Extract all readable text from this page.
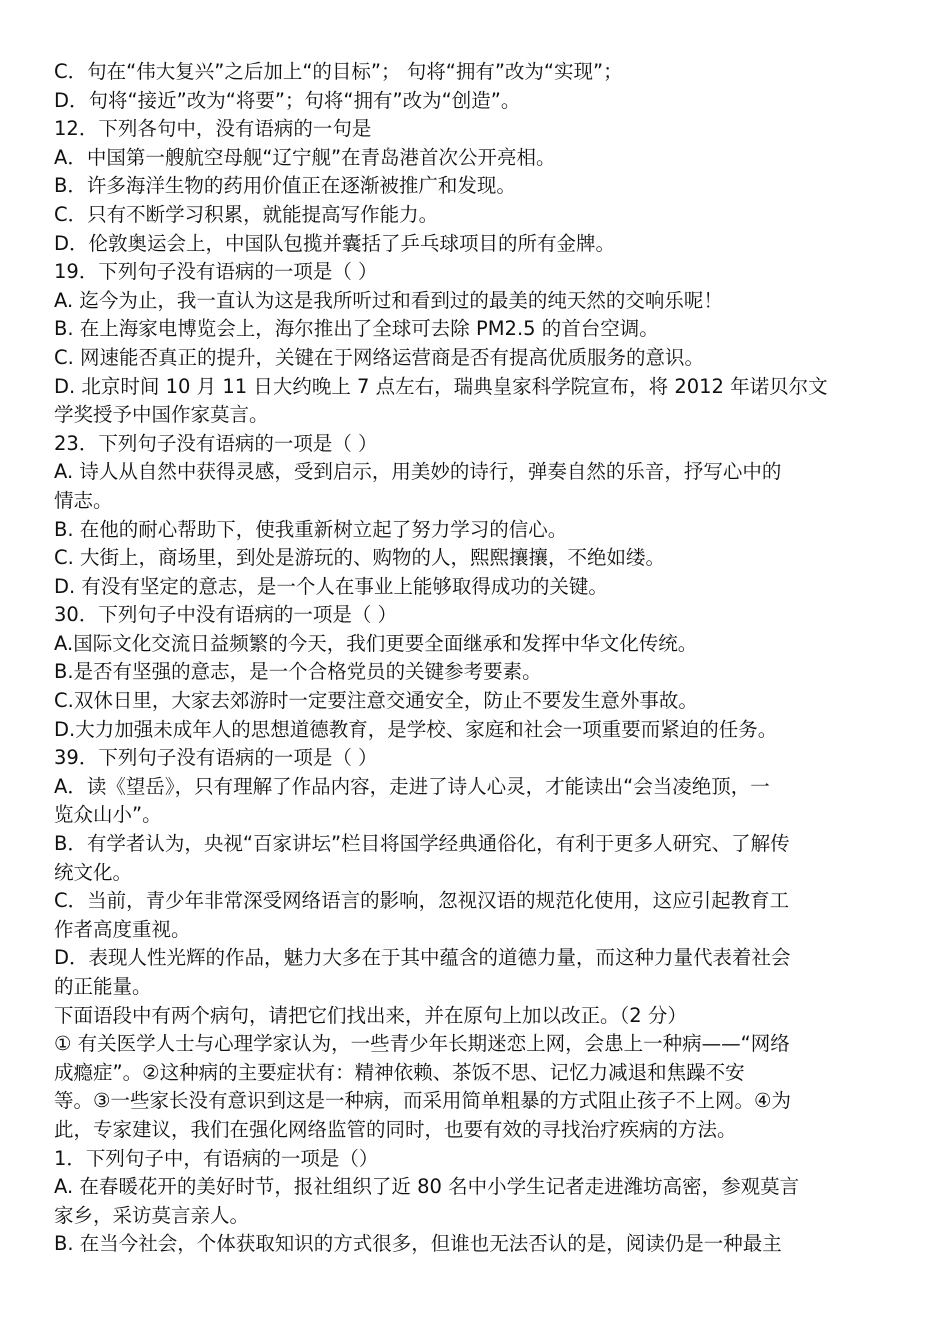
C．句在“伟大复兴”之后加上“的目标”； 句将“拥有”改为“实现”；
D．句将“接近”改为“将要”；句将“拥有”改为“创造”。
12．下列各句中，没有语病的一句是
A．中国第一艘航空母舰“辽宁舰”在青岛港首次公开亮相。
B．许多海洋生物的药用价值正在逐渐被推广和发现。
C．只有不断学习积累，就能提高写作能力。
D．伦敦奥运会上，中国队包揽并囊括了乒乓球项目的所有金牌。
19．下列句子没有语病的一项是（ ）
A. 迄今为止，我一直认为这是我所听过和看到过的最美的纯天然的交响乐呢！
B. 在上海家电博览会上，海尔推出了全球可去除 PM2.5 的首台空调。
C. 网速能否真正的提升，关键在于网络运营商是否有提高优质服务的意识。
D. 北京时间 10 月 11 日大约晚上 7 点左右，瑞典皇家科学院宣布，将 2012 年诺贝尔文
学奖授予中国作家莫言。
23．下列句子没有语病的一项是（ ）
A. 诗人从自然中获得灵感，受到启示，用美妙的诗行，弹奏自然的乐音，抒写心中的
情志。
B. 在他的耐心帮助下，使我重新树立起了努力学习的信心。
C. 大街上，商场里，到处是游玩的、购物的人，熙熙攘攘，不绝如缕。
D. 有没有坚定的意志，是一个人在事业上能够取得成功的关键。
30．下列句子中没有语病的一项是（ ）
A.国际文化交流日益频繁的今天，我们更要全面继承和发挥中华文化传统。
B.是否有坚强的意志，是一个合格党员的关键参考要素。
C.双休日里，大家去郊游时一定要注意交通安全，防止不要发生意外事故。
D.大力加强未成年人的思想道德教育，是学校、家庭和社会一项重要而紧迫的任务。
39．下列句子没有语病的一项是（ ）
A．读《望岳》，只有理解了作品内容，走进了诗人心灵，才能读出“会当凌绝顶，一
览众山小”。
B．有学者认为，央视“百家讲坛”栏目将国学经典通俗化，有利于更多人研究、了解传
统文化。
C．当前，青少年非常深受网络语言的影响，忽视汉语的规范化使用，这应引起教育工
作者高度重视。
D．表现人性光辉的作品，魅力大多在于其中蕴含的道德力量，而这种力量代表着社会
的正能量。
下面语段中有两个病句，请把它们找出来，并在原句上加以改正。（2 分）
① 有关医学人士与心理学家认为，一些青少年长期迷恋上网，会患上一种病——“网络
成瘾症”。②这种病的主要症状有：精神依赖、茶饭不思、记忆力减退和焦躁不安
等。③一些家长没有意识到这是一种病，而采用简单粗暴的方式阻止孩子不上网。④为
此，专家建议，我们在强化网络监管的同时，也要有效的寻找治疗疾病的方法。
1．下列句子中，有语病的一项是（）
A. 在春暖花开的美好时节，报社组织了近 80 名中小学生记者走进潍坊高密，参观莫言
家乡，采访莫言亲人。
B. 在当今社会，个体获取知识的方式很多，但谁也无法否认的是，阅读仍是一种最主
